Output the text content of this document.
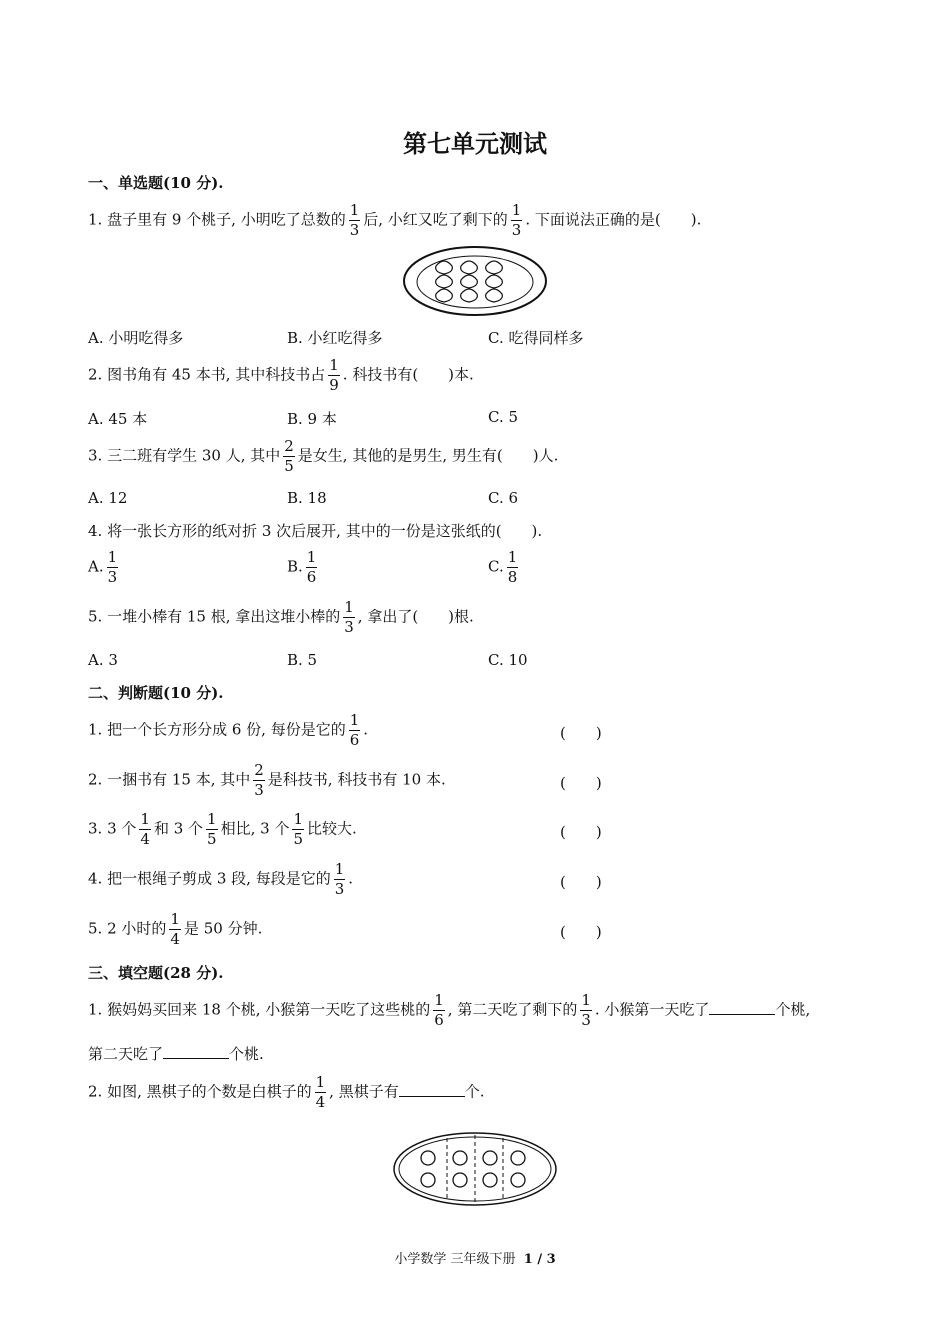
第七单元测试
一、单选题(10 分).
1. 盘子里有 9 个桃子, 小明吃了总数的 $\frac{1}{3}$ 后, 小红又吃了剩下的 $\frac{1}{3}$ . 下面说法正确的是(　　).
A. 小明吃得多	B. 小红吃得多	C. 吃得同样多
2. 图书角有 45 本书, 其中科技书占 $\frac{1}{9}$ . 科技书有(　　)本.
A. 45 本	B. 9 本	C. 5
3. 三二班有学生 30 人, 其中 $\frac{2}{5}$ 是女生, 其他的是男生, 男生有(　　)人.
A. 12	B. 18	C. 6
4. 将一张长方形的纸对折 3 次后展开, 其中的一份是这张纸的(　　).
A. $\frac{1}{3}$	B. $\frac{1}{6}$	C. $\frac{1}{8}$
5. 一堆小棒有 15 根, 拿出这堆小棒的 $\frac{1}{3}$ , 拿出了(　　)根.
A. 3	B. 5	C. 10
二、判断题(10 分).
1. 把一个长方形分成 6 份, 每份是它的 $\frac{1}{6}$ .	(　　)
2. 一捆书有 15 本, 其中 $\frac{2}{3}$ 是科技书, 科技书有 10 本.	(　　)
3. 3 个 $\frac{1}{4}$ 和 3 个 $\frac{1}{5}$ 相比, 3 个 $\frac{1}{5}$ 比较大.	(　　)
4. 把一根绳子剪成 3 段, 每段是它的 $\frac{1}{3}$ .	(　　)
5. 2 小时的 $\frac{1}{4}$ 是 50 分钟.	(　　)
三、填空题(28 分).
1. 猴妈妈买回来 18 个桃, 小猴第一天吃了这些桃的 $\frac{1}{6}$ , 第二天吃了剩下的 $\frac{1}{3}$ . 小猴第一天吃了	个桃,
第二天吃了	个桃.
2. 如图, 黑棋子的个数是白棋子的 $\frac{1}{4}$ , 黑棋子有	个.
小学数学 三年级下册 1 / 3
